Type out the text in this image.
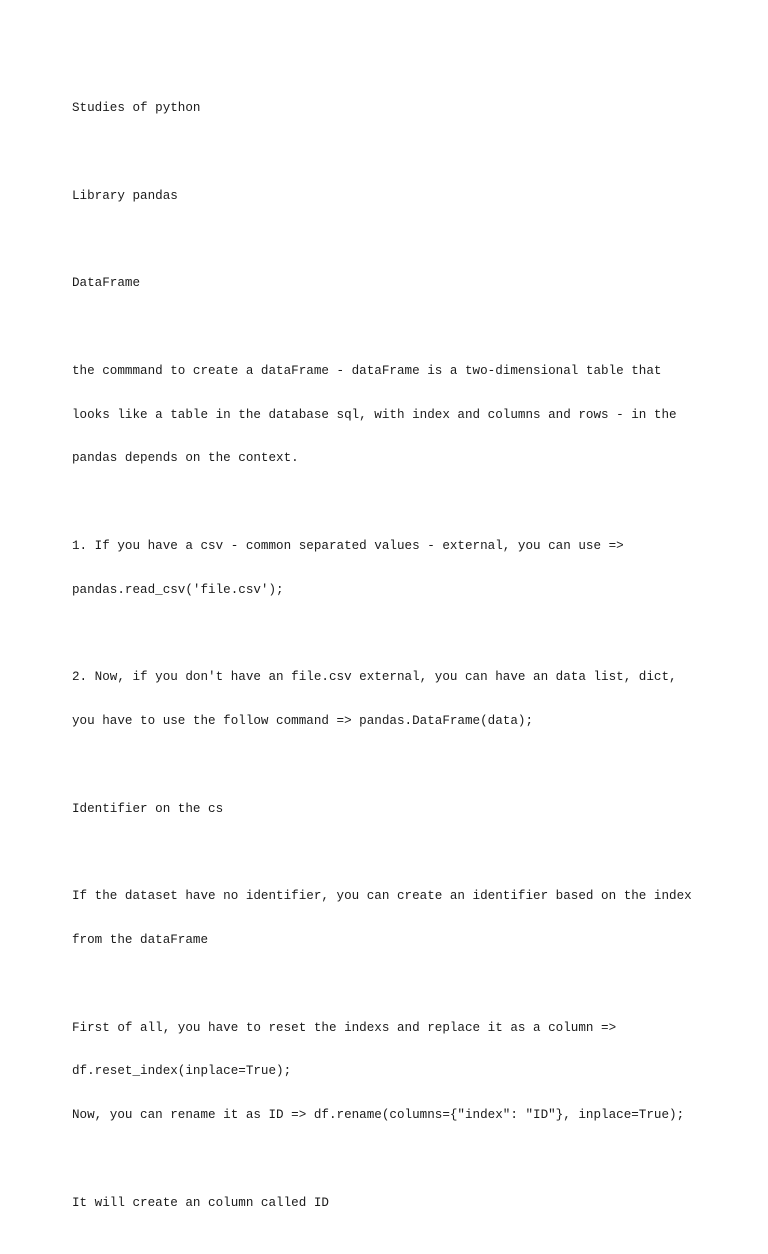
Studies of python

Library pandas

DataFrame

the commmand to create a dataFrame - dataFrame is a two-dimensional table that

looks like a table in the database sql, with index and columns and rows - in the

pandas depends on the context.

1. If you have a csv - common separated values - external, you can use =>

pandas.read_csv('file.csv');

2. Now, if you don't have an file.csv external, you can have an data list, dict,

you have to use the follow command => pandas.DataFrame(data);

Identifier on the cs

If the dataset have no identifier, you can create an identifier based on the index

from the dataFrame

First of all, you have to reset the indexs and replace it as a column =>

df.reset_index(inplace=True);

Now, you can rename it as ID => df.rename(columns={"index": "ID"}, inplace=True);

It will create an column called ID
